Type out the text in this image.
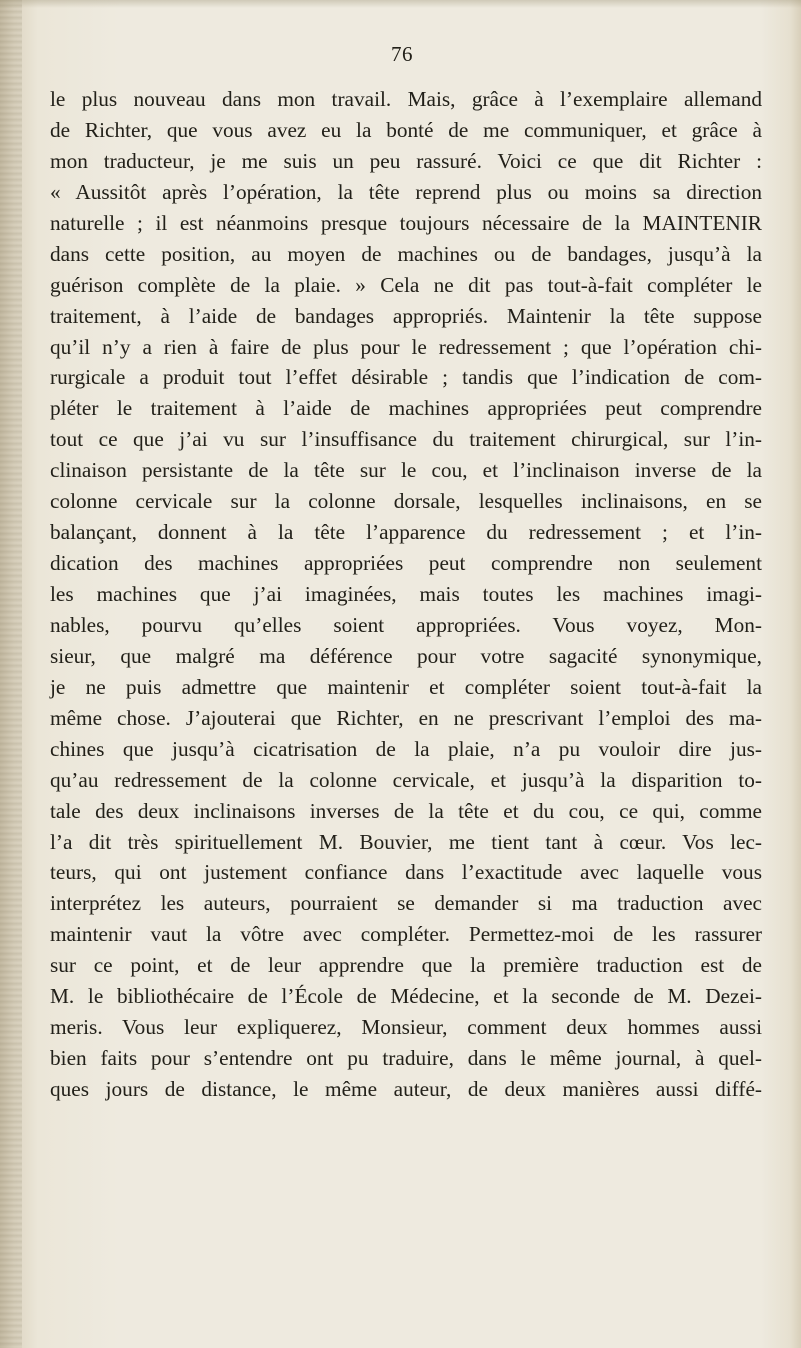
76
le plus nouveau dans mon travail. Mais, grâce à l’exemplaire allemand
de Richter, que vous avez eu la bonté de me communiquer, et grâce à
mon traducteur, je me suis un peu rassuré. Voici ce que dit Richter :
« Aussitôt après l’opération, la tête reprend plus ou moins sa direction
naturelle ; il est néanmoins presque toujours nécessaire de la MAINTENIR
dans cette position, au moyen de machines ou de bandages, jusqu’à la
guérison complète de la plaie. » Cela ne dit pas tout-à-fait compléter le
traitement, à l’aide de bandages appropriés. Maintenir la tête suppose
qu’il n’y a rien à faire de plus pour le redressement ; que l’opération chi-
rurgicale a produit tout l’effet désirable ; tandis que l’indication de com-
pléter le traitement à l’aide de machines appropriées peut comprendre
tout ce que j’ai vu sur l’insuffisance du traitement chirurgical, sur l’in-
clinaison persistante de la tête sur le cou, et l’inclinaison inverse de la
colonne cervicale sur la colonne dorsale, lesquelles inclinaisons, en se
balançant, donnent à la tête l’apparence du redressement ; et l’in-
dication des machines appropriées peut comprendre non seulement
les machines que j’ai imaginées, mais toutes les machines imagi-
nables, pourvu qu’elles soient appropriées. Vous voyez, Mon-
sieur, que malgré ma déférence pour votre sagacité synonymique,
je ne puis admettre que maintenir et compléter soient tout-à-fait la
même chose. J’ajouterai que Richter, en ne prescrivant l’emploi des ma-
chines que jusqu’à cicatrisation de la plaie, n’a pu vouloir dire jus-
qu’au redressement de la colonne cervicale, et jusqu’à la disparition to-
tale des deux inclinaisons inverses de la tête et du cou, ce qui, comme
l’a dit très spirituellement M. Bouvier, me tient tant à cœur. Vos lec-
teurs, qui ont justement confiance dans l’exactitude avec laquelle vous
interprétez les auteurs, pourraient se demander si ma traduction avec
maintenir vaut la vôtre avec compléter. Permettez-moi de les rassurer
sur ce point, et de leur apprendre que la première traduction est de
M. le bibliothécaire de l’École de Médecine, et la seconde de M. Dezei-
meris. Vous leur expliquerez, Monsieur, comment deux hommes aussi
bien faits pour s’entendre ont pu traduire, dans le même journal, à quel-
ques jours de distance, le même auteur, de deux manières aussi diffé-
